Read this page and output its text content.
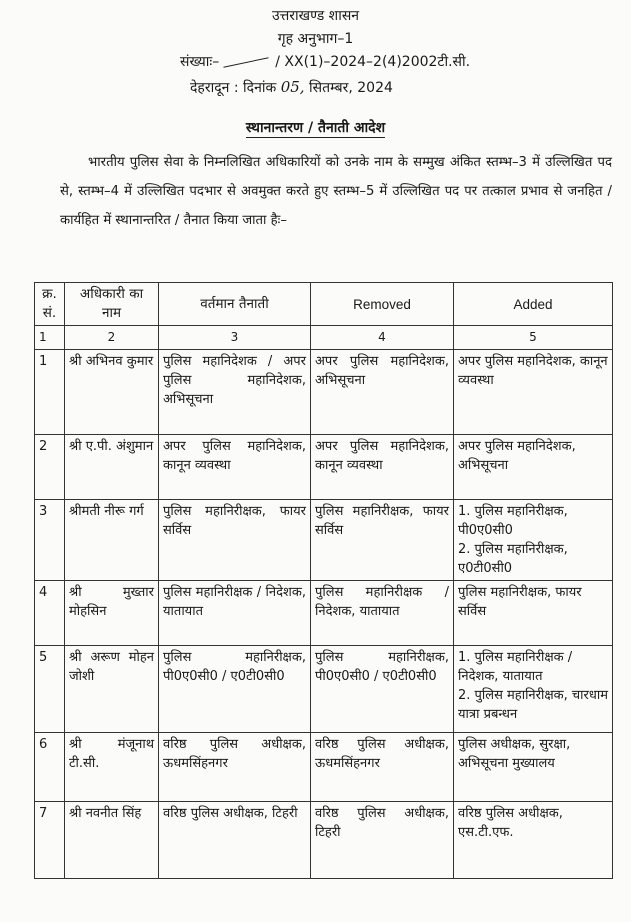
उत्तराखण्ड शासन
गृह अनुभाग–1
संख्याः–	/ XX(1)–2024–2(4)2002टी.सी.
देहरादून : दिनांक 05, सितम्बर, 2024
स्थानान्तरण / तैनाती आदेश
भारतीय पुलिस सेवा के निम्नलिखित अधिकारियों को उनके नाम के सम्मुख अंकित स्तम्भ–3 में उल्लिखित पद से, स्तम्भ–4 में उल्लिखित पदभार से अवमुक्त करते हुए स्तम्भ–5 में उल्लिखित पद पर तत्काल प्रभाव से जनहित / कार्यहित में स्थानान्तरित / तैनात किया जाता हैः–
क्र. सं.	अधिकारी का नाम	वर्तमान तैनाती	Removed	Added
1	2	3	4	5
1	श्री अभिनव कुमार	पुलिस महानिदेशक / अपर पुलिस महानिदेशक, अभिसूचना	अपर पुलिस महानिदेशक, अभिसूचना	अपर पुलिस महानिदेशक, कानून व्यवस्था

2	श्री ए.पी. अंशुमान	अपर पुलिस महानिदेशक, कानून व्यवस्था	अपर पुलिस महानिदेशक, कानून व्यवस्था	अपर पुलिस महानिदेशक, अभिसूचना

3	श्रीमती नीरू गर्ग	पुलिस महानिरीक्षक, फायर सर्विस	पुलिस महानिरीक्षक, फायर सर्विस	1. पुलिस महानिरीक्षक, पी0ए0सी0
2. पुलिस महानिरीक्षक, ए0टी0सी0

4	श्री मुख्तार मोहसिन	पुलिस महानिरीक्षक / निदेशक, यातायात	पुलिस महानिरीक्षक / निदेशक, यातायात	पुलिस महानिरीक्षक, फायर सर्विस

5	श्री अरूण मोहन जोशी	पुलिस महानिरीक्षक, पी0ए0सी0 / ए0टी0सी0	पुलिस महानिरीक्षक, पी0ए0सी0 / ए0टी0सी0	1. पुलिस महानिरीक्षक / निदेशक, यातायात
2. पुलिस महानिरीक्षक, चारधाम यात्रा प्रबन्धन

6	श्री मंजूनाथ टी.सी.	वरिष्ठ पुलिस अधीक्षक, ऊधमसिंहनगर	वरिष्ठ पुलिस अधीक्षक, ऊधमसिंहनगर	पुलिस अधीक्षक, सुरक्षा, अभिसूचना मुख्यालय

7	श्री नवनीत सिंह	वरिष्ठ पुलिस अधीक्षक, टिहरी	वरिष्ठ पुलिस अधीक्षक, टिहरी	वरिष्ठ पुलिस अधीक्षक, एस.टी.एफ.
